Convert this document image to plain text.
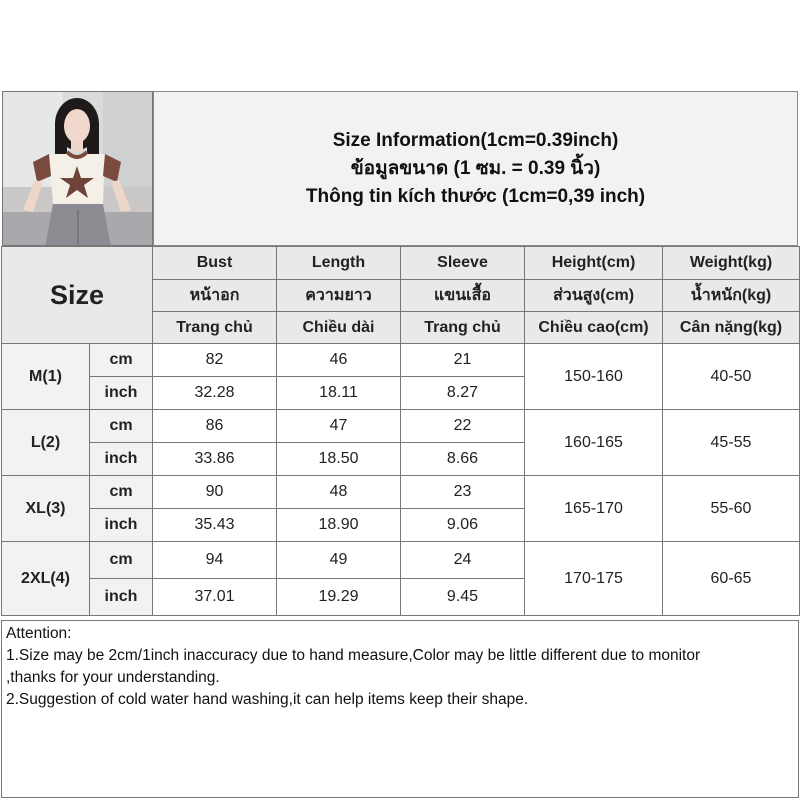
Size Information(1cm=0.39inch)
ข้อมูลขนาด (1 ซม. = 0.39 นิ้ว)
Thông tin kích thước (1cm=0,39 inch)
Size		Bust	Length	Sleeve	Height(cm)	Weight(kg)
		หน้าอก	ความยาว	แขนเสื้อ	ส่วนสูง(cm)	น้ำหนัก(kg)
		Trang chủ	Chiều dài	Trang chủ	Chiều cao(cm)	Cân nặng(kg)
M(1)	cm	82	46	21	150-160	40-50
	inch	32.28	18.11	8.27		
L(2)	cm	86	47	22	160-165	45-55
	inch	33.86	18.50	8.66		
XL(3)	cm	90	48	23	165-170	55-60
	inch	35.43	18.90	9.06		
2XL(4)	cm	94	49	24	170-175	60-65
	inch	37.01	19.29	9.45		
Attention:
1.Size may be 2cm/1inch inaccuracy due to hand measure,Color may be little different due to monitor
,thanks for your understanding.
2.Suggestion of cold water hand washing,it can help items keep their shape.
